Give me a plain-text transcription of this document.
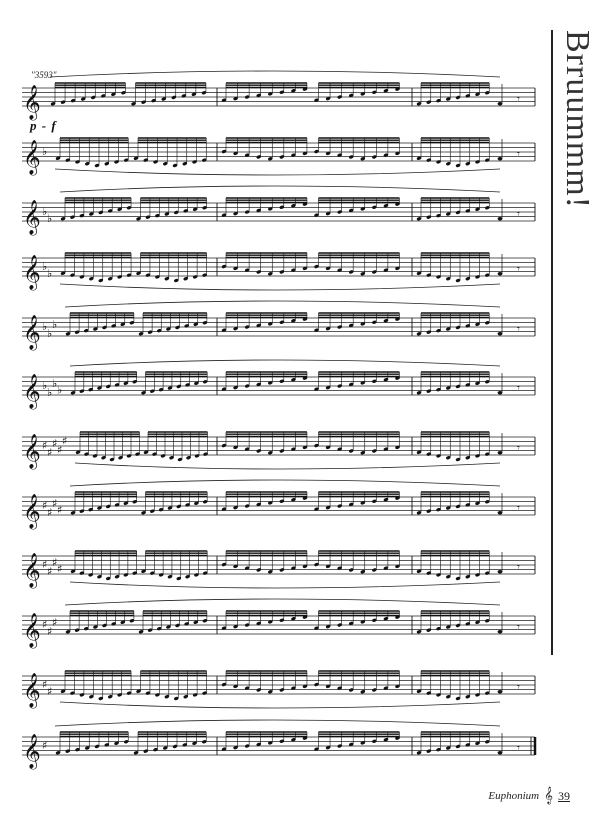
𝄞	𝄾
𝄞 ♭	𝄾
𝄞 ♭
♭	𝄾
𝄞 ♭
♭	𝄾
𝄞 ♭
♭
♭	𝄾
𝄞 ♭
♭
♭
♭	𝄾
𝄞 ♯
♯
♯
♯
♯
𝄾
𝄞 ♯
♯
♯
♯	𝄾
𝄞 ♯
♯
♯
♯	𝄾
𝄞 ♯
♯
♯	𝄾
𝄞 ♯
♯	𝄾
𝄞 ♯	𝄾
Brruummm!
"3593"
p - f
Euphonium 𝄞 39
